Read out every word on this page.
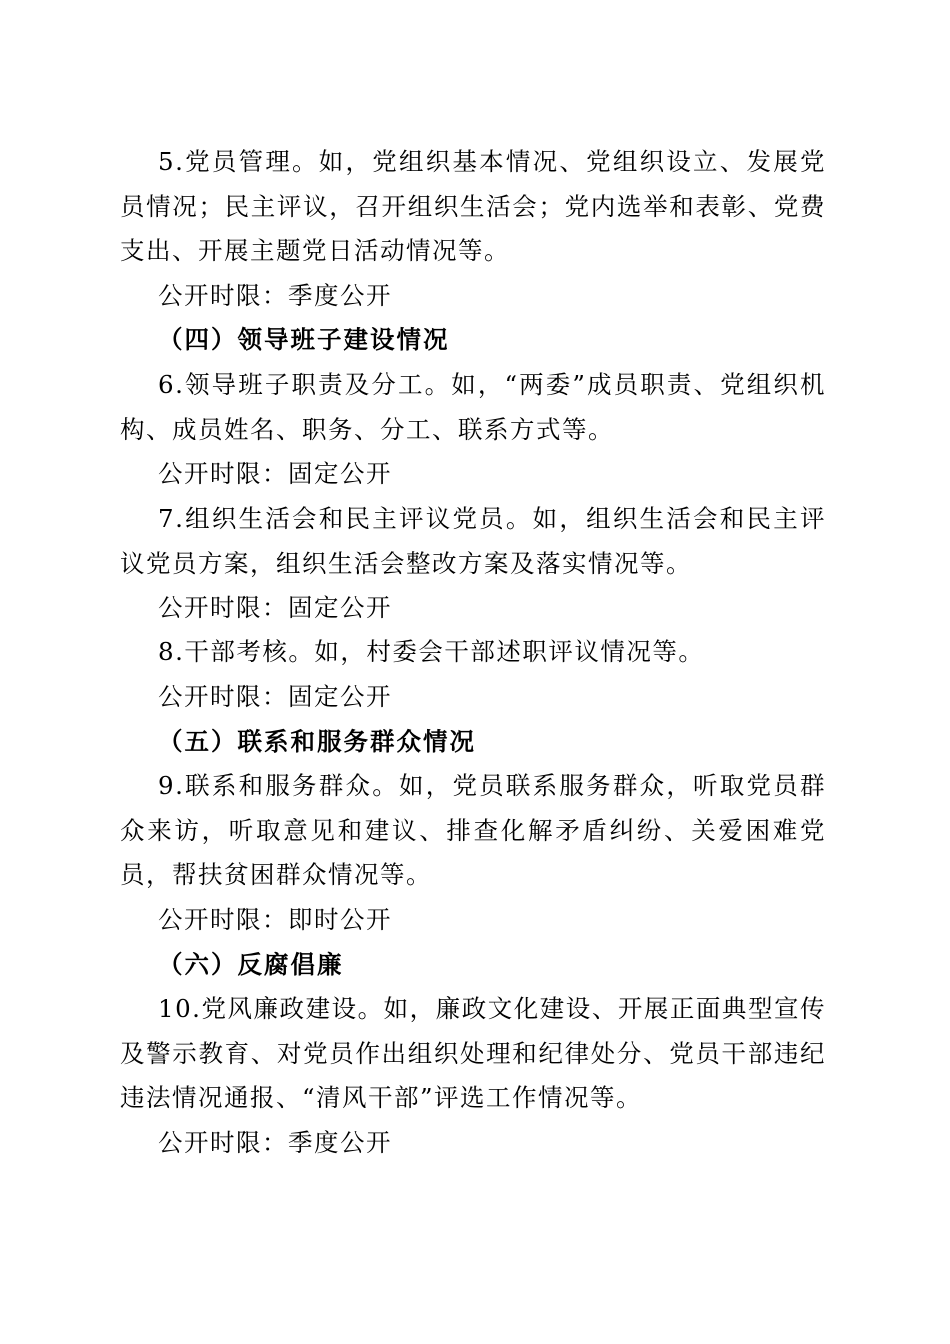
5.党员管理。如，党组织基本情况、党组织设立、发展党员情况；民主评议，召开组织生活会；党内选举和表彰、党费支出、开展主题党日活动情况等。

公开时限：季度公开

（四）领导班子建设情况

6.领导班子职责及分工。如，“两委”成员职责、党组织机构、成员姓名、职务、分工、联系方式等。

公开时限：固定公开

7.组织生活会和民主评议党员。如，组织生活会和民主评议党员方案，组织生活会整改方案及落实情况等。

公开时限：固定公开

8.干部考核。如，村委会干部述职评议情况等。

公开时限：固定公开

（五）联系和服务群众情况

9.联系和服务群众。如，党员联系服务群众，听取党员群众来访，听取意见和建议、排查化解矛盾纠纷、关爱困难党员，帮扶贫困群众情况等。

公开时限：即时公开

（六）反腐倡廉

10.党风廉政建设。如，廉政文化建设、开展正面典型宣传及警示教育、对党员作出组织处理和纪律处分、党员干部违纪违法情况通报、“清风干部”评选工作情况等。

公开时限：季度公开
